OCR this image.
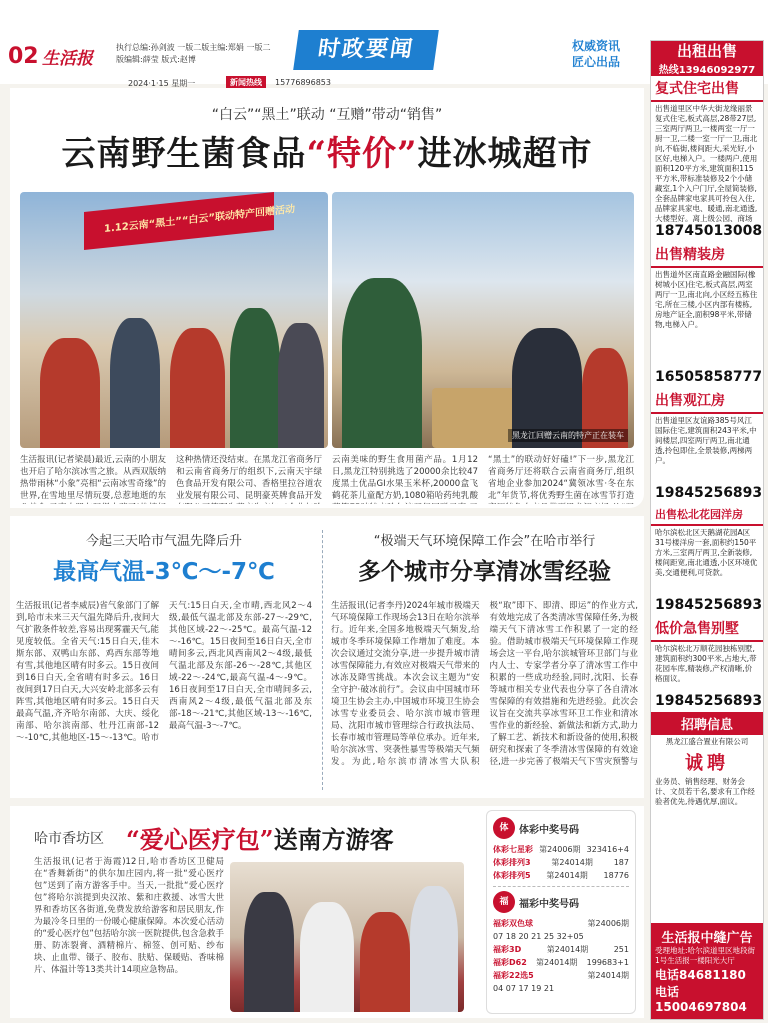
02 生活报
执行总编:孙剑波 一版二版主编:郑娟 一版二版编辑:薛莹 版式:赵博	时政要闻	权威资讯
匠心出品
2024·1·15 星期一	新闻热线	15776896853
“白云”“黑土”联动 “互赠”带动“销售”
云南野生菌食品“特价”进冰城超市
1.12云南“黑土”“白云”联动特产回赠活动
黑龙江回赠云南的特产正在装车

生活报讯(记者梁晨)最近,云南的小朋友也开启了哈尔滨冰雪之旅。从西双版纳热带雨林“小象”亮相“云南冰雪奇缘”的世界,在雪地里尽情玩耍,总惹地逝的东

这种热情还没结束。在黑龙江省商务厅和云南省商务厅的组织下,云南天宇绿色食品开发有限公司、香格里拉谷道农业发展有限公司、昆明豪英牌食品开发

云南美味的野生食用菌产品。1月12日,黑龙江特别挑选了20000余比较47度黑土优品GI水果玉米杯,20000盒飞鹤花茶儿童配方奶,1080箱哈药纯乳酸

“黑土”的联动好好磕!”下一步,黑龙江省商务厅还将联合云南省商务厅,组织省地企业参加2024“冀领冰雪·冬在东北”年货节,将优秀野生菌在冰雪节打造

今起三天哈市气温先降后升
最高气温-3℃～-7℃
生活报讯(记者李威辰)省气象部门了解到,哈市未来三天气温先降后升,夜间大气扩散条件较差,容易出现雾霾天气,能见度较低。全省天气:15日白天,佳木斯东部、双鸭山东部、鸡西东部等地有雪,其他地区晴有时多云。15日夜间到16日白天,全省晴有时多云。16日夜间到17日白天,大兴安岭北部多云有阵雪,其他地区晴有时多云。15日白天最高气温,齐齐哈尔南部、大庆、绥化南部、哈尔滨南部、牡丹江南部-12～-10℃,其他地区-15～-13℃。哈市天气:15日白天,全市晴,西北风2～4级,最低气温北部及东部-27～-29℃,其他区域-22～-25℃。最高气温-12～-16℃。15日夜间至16日白天,全市晴间多云,西北风西南风2～4级,最低气温北部及东部-26～-28℃,其他区域-22～-24℃,最高气温-4～-9℃。16日夜间至17日白天,全市晴间多云,西南风2～4级,最低气温北部及东部-18～-21℃,其他区域-13～-16℃,最高气温-3～-7℃。
“极端天气环境保障工作会”在哈市举行
多个城市分享清冰雪经验
生活报讯(记者李丹)2024年城市极端天气环境保障工作现场会13日在哈尔滨举行。近年来,全国多地极端天气频发,给城市冬季环境保障工作增加了难度。本次会议通过交流分享,进一步提升城市清冰雪保障能力,有效应对极端天气带来的冰冻及降雪挑战。本次会议主题为“安全守护·破冰前行”。会议由中国城市环境卫生协会主办,中国城市环境卫生协会冰雪专业委员会、哈尔滨市城市管理局、沈阳市城市管理综合行政执法局、长春市城市管理局等单位承办。近年来,哈尔滨冰雪、突袭性暴雪等极端天气频发。为此,哈尔滨市清冰雪大队积极“取”即下、即清、即运”的作业方式,有效地完成了各类清冰雪保障任务,为极端天气下清冰雪工作积累了一定的经验。借助城市极端天气环境保障工作现场会这一平台,哈尔滨城管环卫部门与业内人士、专家学者分享了清冰雪工作中积累的一些成功经验,同时,沈阳、长春等城市相关专业代表也分享了各自清冰雪保障的有效措施和先进经验。此次会议旨在交流共享冰雪环卫工作业和清冰雪作业的新经验、新做法和新方式,助力了解工艺、新技术和新设备的使用,积极研究和探索了冬季清冰雪保障的有效途径,进一步完善了极端天气下雪灾预警与
哈市香坊区 “爱心医疗包”送南方游客
生活报讯(记者于海霞)12日,哈市香坊区卫健局在“香舞新街”的供尔加庄园内,将一批“爱心医疗包”送到了南方游客手中。当天,一批批“爱心医疗包”将哈尔滨提到央汉浓、紫和庄救援、冰雪大世界和香坊区各街道,免费发放给游客和居民朋友,作为最冷冬日里的一份暖心健康保障。本次爱心活动的“爱心医疗包”包括哈尔滨一医院提供,包含急救手册、防冻裂膏、酒精棉片、棉签、创可贴、纱布块、止血带、镊子、胶布、肤贴、保暖贴、香味棉片、体温计等13类共计14项应急物品。
体	体彩中奖号码
体彩七星彩 第24006期 323416+4
体彩排列3	第24014期	187
体彩排列5 第24014期 18776
福	福彩中奖号码
福彩双色球	第24006期
07 18 20 21 25 32+05
福彩3D	第24014期	251
福彩D62 第24014期 199683+1
福彩22选5	第24014期
04 07 17 19 21
出租出售
热线13946092977
复式住宅出售
出售道里区中华大街龙缘丽景复式住宅,板式高层,28带27层,三室两厅两卫,一楼两室一厅一厨一卫,二楼一室一厅一卫,南北向,不临街,楼间距大,采光好,小区好,电梯入户。一楼两户,使用面积120平方米,建筑面积115平方米,带标准装修及2个小储藏室,1个入户门厅,全屋简装修,全套品牌家电家具可拎包入住,品牌家具家电、暖通,南北通透,大楼型好。离上级公园、商场
18745013008
出售精装房
出售道外区南直路金融国际(橡树城小区)住宅,板式高层,两室两厅一卫,南北向,小区经五栋住宅,所在三楼,小区内部有楼栋,房地产证全,面积98平米,带储物,电梯入户。
16505858777
出售观江房
出售道里区友谊路385号风江国际住宅,建筑面积243平米,中间楼层,四室两厅两卫,南北通透,拎包即住,全景装修,两梯两户。
19845256893
出售松北花园洋房
哈尔滨松北区天鹅湖花园A区31号楼洋房一套,面积约150平方米,三室两厅两卫,全新装修,楼间距宽,南北通透,小区环境优美,交通便利,可贷款。
19845256893
低价急售别墅
哈尔滨松北万顺花园独栋别墅,建筑面积约300平米,占地大,带花园车库,精装修,产权清晰,价格面议。
19845256893
招聘信息
黑龙江盛合置业有限公司
诚聘
业务员、销售经理、财务会计、文员若干名,要求有工作经验者优先,待遇优厚,面议。
生活报中缝广告
受理地址:哈尔滨道里区地段街1号生活报一楼阳光大厅
电话84681180
电话15004697804
